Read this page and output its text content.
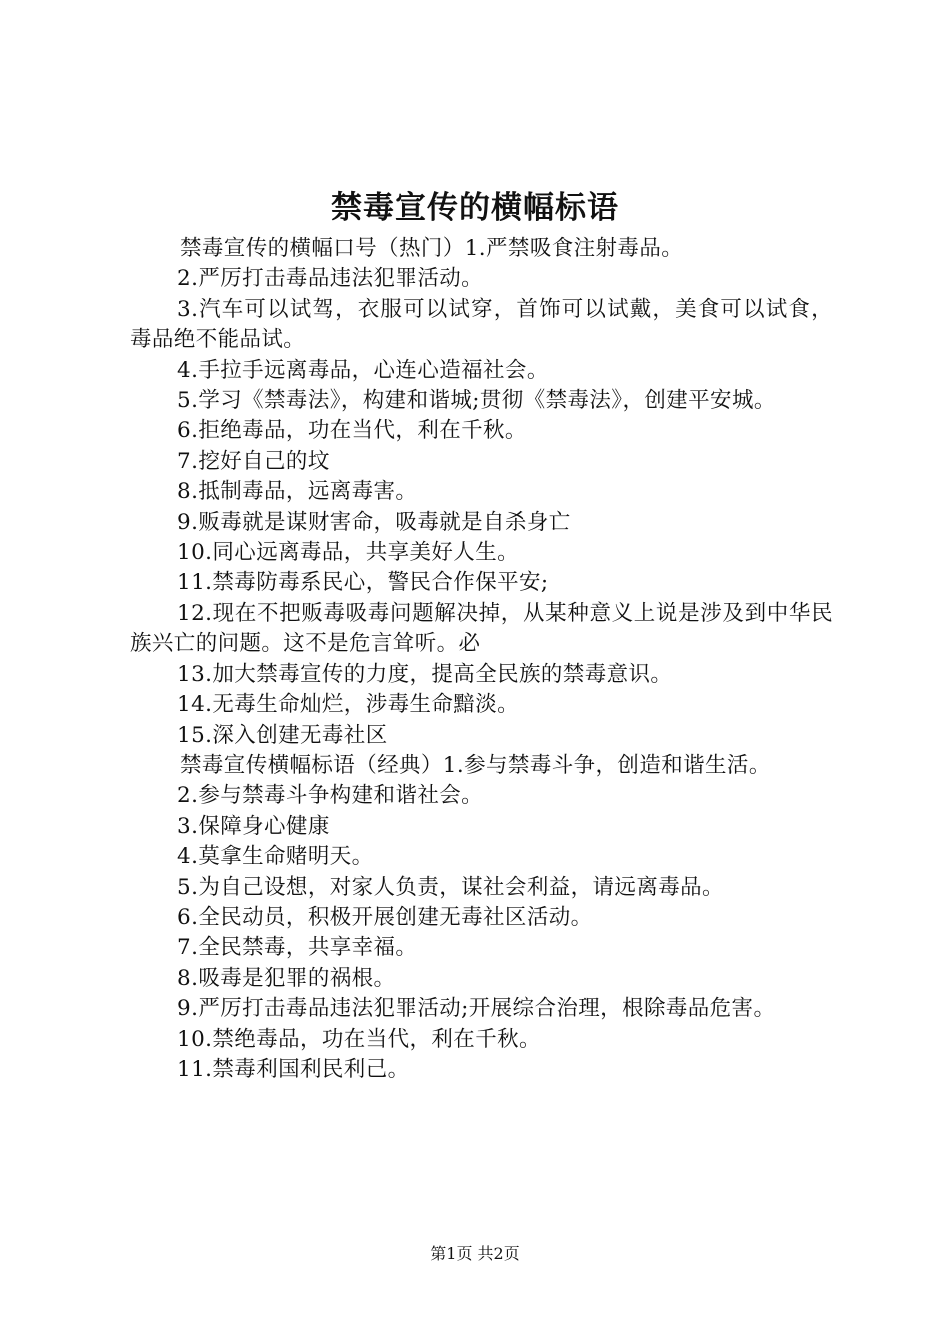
禁毒宣传的横幅标语

禁毒宣传的横幅口号（热门）1.严禁吸食注射毒品。

2.严厉打击毒品违法犯罪活动。

3.汽车可以试驾，衣服可以试穿，首饰可以试戴，美食可以试食，毒品绝不能品试。

4.手拉手远离毒品，心连心造福社会。

5.学习《禁毒法》，构建和谐城;贯彻《禁毒法》，创建平安城。

6.拒绝毒品，功在当代，利在千秋。

7.挖好自己的坟

8.抵制毒品，远离毒害。

9.贩毒就是谋财害命，吸毒就是自杀身亡

10.同心远离毒品，共享美好人生。

11.禁毒防毒系民心，警民合作保平安;

12.现在不把贩毒吸毒问题解决掉，从某种意义上说是涉及到中华民族兴亡的问题。这不是危言耸听。必

13.加大禁毒宣传的力度，提高全民族的禁毒意识。

14.无毒生命灿烂，涉毒生命黯淡。

15.深入创建无毒社区

禁毒宣传横幅标语（经典）1.参与禁毒斗争，创造和谐生活。

2.参与禁毒斗争构建和谐社会。

3.保障身心健康

4.莫拿生命赌明天。

5.为自己设想，对家人负责，谋社会利益，请远离毒品。

6.全民动员，积极开展创建无毒社区活动。

7.全民禁毒，共享幸福。

8.吸毒是犯罪的祸根。

9.严厉打击毒品违法犯罪活动;开展综合治理，根除毒品危害。

10.禁绝毒品，功在当代，利在千秋。

11.禁毒利国利民利己。

第1页 共2页
